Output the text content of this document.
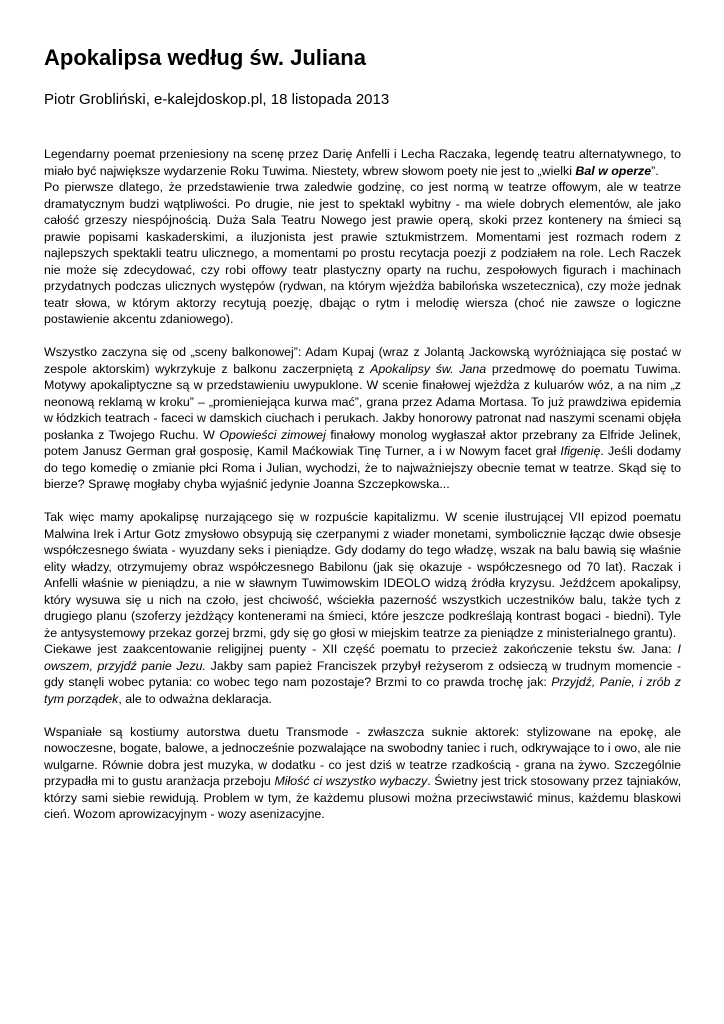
Apokalipsa według św. Juliana

Piotr Grobliński, e-kalejdoskop.pl, 18 listopada 2013

Legendarny poemat przeniesiony na scenę przez Darię Anfelli i Lecha Raczaka, legendę teatru alternatywnego, to miało być największe wydarzenie Roku Tuwima. Niestety, wbrew słowom poety nie jest to „wielki Bal w operze”.

Po pierwsze dlatego, że przedstawienie trwa zaledwie godzinę, co jest normą w teatrze offowym, ale w teatrze dramatycznym budzi wątpliwości. Po drugie, nie jest to spektakl wybitny - ma wiele dobrych elementów, ale jako całość grzeszy niespójnością. Duża Sala Teatru Nowego jest prawie operą, skoki przez kontenery na śmieci są prawie popisami kaskaderskimi, a iluzjonista jest prawie sztukmistrzem. Momentami jest rozmach rodem z najlepszych spektakli teatru ulicznego, a momentami po prostu recytacja poezji z podziałem na role. Lech Raczek nie może się zdecydować, czy robi offowy teatr plastyczny oparty na ruchu, zespołowych figurach i machinach przydatnych podczas ulicznych występów (rydwan, na którym wjeżdża babilońska wszetecznica), czy może jednak teatr słowa, w którym aktorzy recytują poezję, dbając o rytm i melodię wiersza (choć nie zawsze o logiczne postawienie akcentu zdaniowego).

Wszystko zaczyna się od „sceny balkonowej”: Adam Kupaj (wraz z Jolantą Jackowską wyróżniająca się postać w zespole aktorskim) wykrzykuje z balkonu zaczerpniętą z Apokalipsy św. Jana przedmowę do poematu Tuwima. Motywy apokaliptyczne są w przedstawieniu uwypuklone. W scenie finałowej wjeżdża z kuluarów wóz, a na nim „z neonową reklamą w kroku” – „promieniejąca kurwa mać”, grana przez Adama Mortasa. To już prawdziwa epidemia w łódzkich teatrach - faceci w damskich ciuchach i perukach. Jakby honorowy patronat nad naszymi scenami objęła posłanka z Twojego Ruchu. W Opowieści zimowej finałowy monolog wygłaszał aktor przebrany za Elfride Jelinek, potem Janusz German grał gosposię, Kamil Maćkowiak Tinę Turner, a i w Nowym facet grał Ifigenię. Jeśli dodamy do tego komedię o zmianie płci Roma i Julian, wychodzi, że to najważniejszy obecnie temat w teatrze. Skąd się to bierze? Sprawę mogłaby chyba wyjaśnić jedynie Joanna Szczepkowska...

Tak więc mamy apokalipsę nurzającego się w rozpuście kapitalizmu. W scenie ilustrującej VII epizod poematu Malwina Irek i Artur Gotz zmysłowo obsypują się czerpanymi z wiader monetami, symbolicznie łącząc dwie obsesje współczesnego świata - wyuzdany seks i pieniądze. Gdy dodamy do tego władzę, wszak na balu bawią się właśnie elity władzy, otrzymujemy obraz współczesnego Babilonu (jak się okazuje - współczesnego od 70 lat). Raczak i Anfelli właśnie w pieniądzu, a nie w sławnym Tuwimowskim IDEOLO widzą źródła kryzysu. Jeźdźcem apokalipsy, który wysuwa się u nich na czoło, jest chciwość, wściekła pazerność wszystkich uczestników balu, także tych z drugiego planu (szoferzy jeżdżący kontenerami na śmieci, które jeszcze podkreślają kontrast bogaci - biedni). Tyle że antysystemowy przekaz gorzej brzmi, gdy się go głosi w miejskim teatrze za pieniądze z ministerialnego grantu).

Ciekawe jest zaakcentowanie religijnej puenty - XII część poematu to przecież zakończenie tekstu św. Jana: I owszem, przyjdź panie Jezu. Jakby sam papież Franciszek przybył reżyserom z odsieczą w trudnym momencie - gdy stanęli wobec pytania: co wobec tego nam pozostaje? Brzmi to co prawda trochę jak: Przyjdź, Panie, i zrób z tym porządek, ale to odważna deklaracja.

Wspaniałe są kostiumy autorstwa duetu Transmode - zwłaszcza suknie aktorek: stylizowane na epokę, ale nowoczesne, bogate, balowe, a jednocześnie pozwalające na swobodny taniec i ruch, odkrywające to i owo, ale nie wulgarne. Równie dobra jest muzyka, w dodatku - co jest dziś w teatrze rzadkością - grana na żywo. Szczególnie przypadła mi to gustu aranżacja przeboju Miłość ci wszystko wybaczy. Świetny jest trick stosowany przez tajniaków, którzy sami siebie rewidują. Problem w tym, że każdemu plusowi można przeciwstawić minus, każdemu blaskowi cień. Wozom aprowizacyjnym - wozy asenizacyjne.
